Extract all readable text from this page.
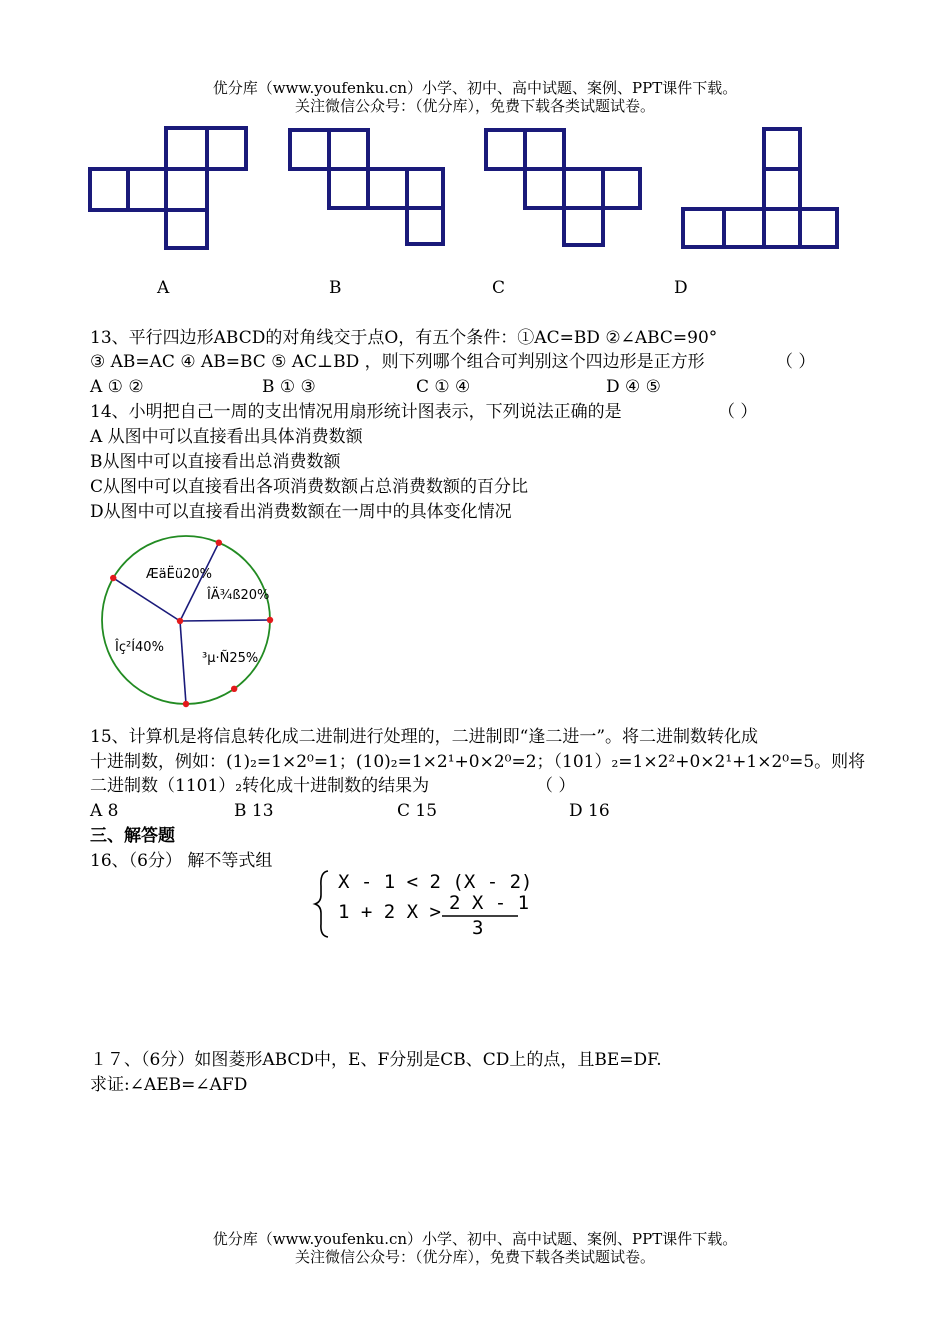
优分库（www.youfenku.cn）小学、初中、高中试题、案例、PPT课件下载。
关注微信公众号：（优分库），免费下载各类试题试卷。
A	B	C	D
13、平行四边形ABCD的对角线交于点O，有五个条件：①AC=BD ②∠ABC=90°
③ AB=AC ④ AB=BC ⑤ AC⊥BD ，则下列哪个组合可判别这个四边形是正方形	（ ）
A ① ②	B ① ③	C ① ④	D ④ ⑤
14、小明把自己一周的支出情况用扇形统计图表示，下列说法正确的是	（ ）
A 从图中可以直接看出具体消费数额
B从图中可以直接看出总消费数额
C从图中可以直接看出各项消费数额占总消费数额的百分比
D从图中可以直接看出消费数额在一周中的具体变化情况
ÆäËü20%
ÎÄ¾ß20%
³µ·Ñ25%
Îç²Í40%
15、计算机是将信息转化成二进制进行处理的，二进制即“逢二进一”。将二进制数转化成
十进制数，例如：(1)₂=1×2⁰=1；(10)₂=1×2¹+0×2⁰=2；（101）₂=1×2²+0×2¹+1×2⁰=5。则将
二进制数（1101）₂转化成十进制数的结果为	（ ）
A 8	B 13	C 15	D 16
三、解答题
16、（6分） 解不等式组
X - 1 < 2 (X - 2)
1 + 2 X > 2 X - 1
3
１７、（6分）如图菱形ABCD中，E、F分别是CB、CD上的点，且BE=DF.
求证:∠AEB=∠AFD
优分库（www.youfenku.cn）小学、初中、高中试题、案例、PPT课件下载。
关注微信公众号：（优分库），免费下载各类试题试卷。
